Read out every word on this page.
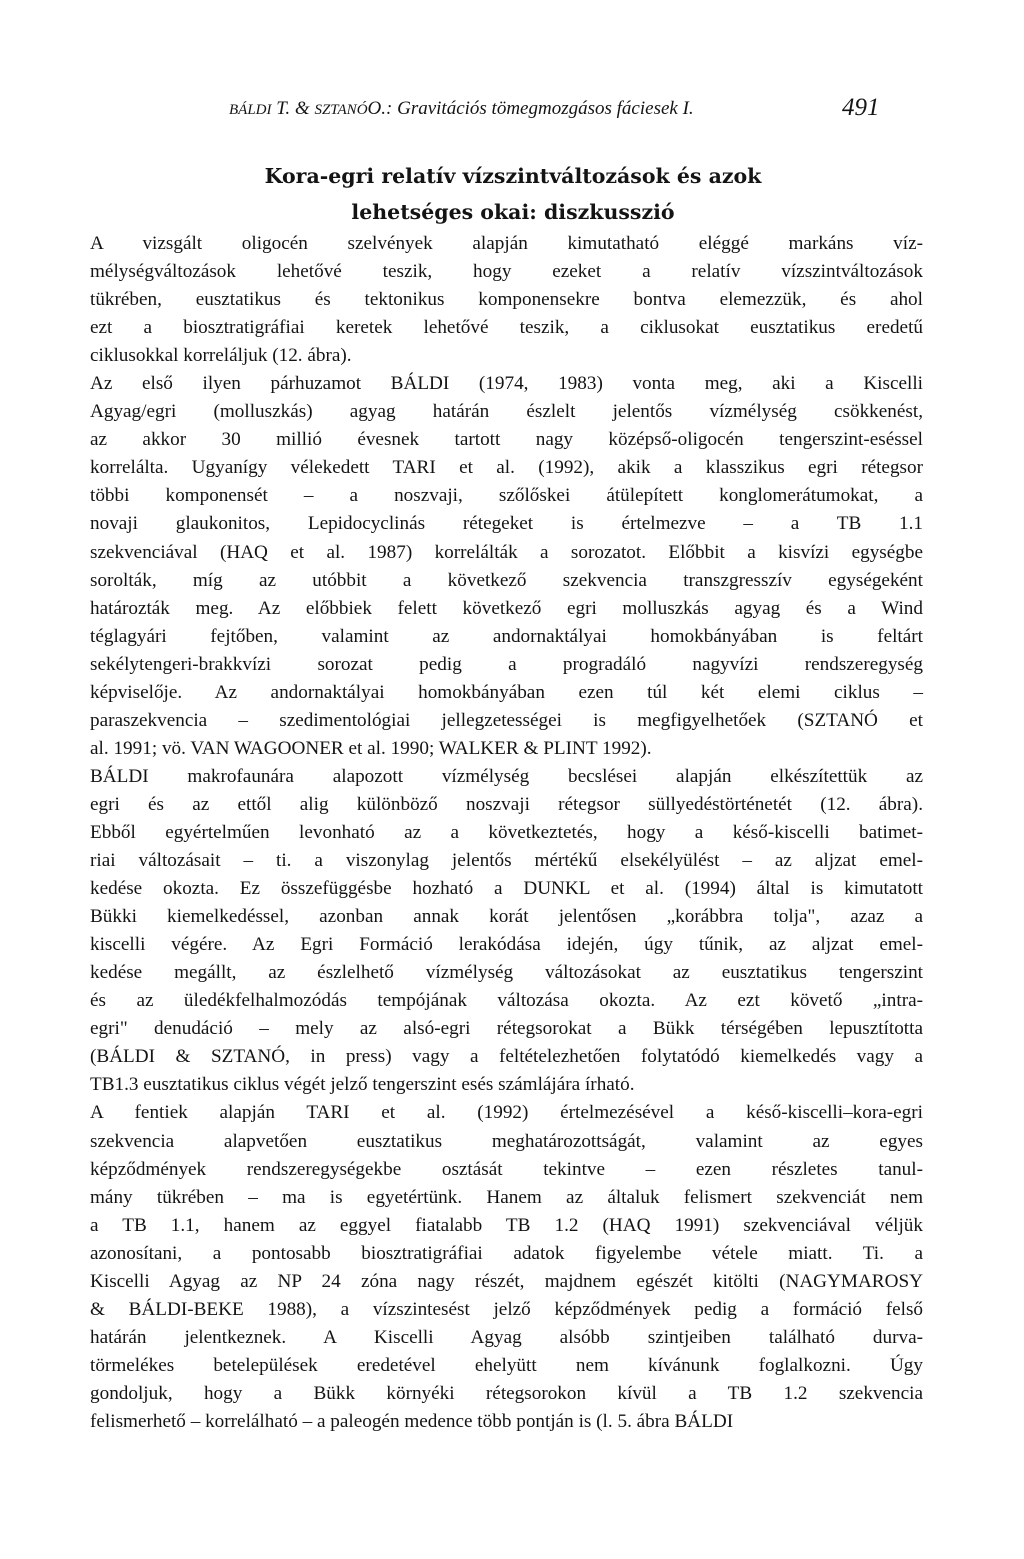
BÁLDI T. & SZTANÓO.: Gravitációs tömegmozgásos fáciesek I.	491
Kora-egri relatív vízszintváltozások és azok
lehetséges okai: diszkusszió
A vizsgált oligocén szelvények alapján kimutatható eléggé markáns víz-
mélységváltozások lehetővé teszik, hogy ezeket a relatív vízszintváltozások
tükrében, eusztatikus és tektonikus komponensekre bontva elemezzük, és ahol
ezt a biosztratigráfiai keretek lehetővé teszik, a ciklusokat eusztatikus eredetű
ciklusokkal korreláljuk (12. ábra).
Az első ilyen párhuzamot BÁLDI (1974, 1983) vonta meg, aki a Kiscelli
Agyag/egri (molluszkás) agyag határán észlelt jelentős vízmélység csökkenést,
az akkor 30 millió évesnek tartott nagy középső-oligocén tengerszint-eséssel
korrelálta. Ugyanígy vélekedett TARI et al. (1992), akik a klasszikus egri rétegsor
többi komponensét – a noszvaji, szőlőskei átülepített konglomerátumokat, a
novaji glaukonitos, Lepidocyclinás rétegeket is értelmezve – a TB 1.1
szekvenciával (HAQ et al. 1987) korrelálták a sorozatot. Előbbit a kisvízi egységbe
sorolták, míg az utóbbit a következő szekvencia transzgresszív egységeként
határozták meg. Az előbbiek felett következő egri molluszkás agyag és a Wind
téglagyári fejtőben, valamint az andornaktályai homokbányában is feltárt
sekélytengeri-brakkvízi sorozat pedig a progradáló nagyvízi rendszeregység
képviselője. Az andornaktályai homokbányában ezen túl két elemi ciklus –
paraszekvencia – szedimentológiai jellegzetességei is megfigyelhetőek (SZTANÓ et
al. 1991; vö. VAN WAGOONER et al. 1990; WALKER & PLINT 1992).
BÁLDI makrofaunára alapozott vízmélység becslései alapján elkészítettük az
egri és az ettől alig különböző noszvaji rétegsor süllyedéstörténetét (12. ábra).
Ebből egyértelműen levonható az a következtetés, hogy a késő-kiscelli batimet-
riai változásait – ti. a viszonylag jelentős mértékű elsekélyülést – az aljzat emel-
kedése okozta. Ez összefüggésbe hozható a DUNKL et al. (1994) által is kimutatott
Bükki kiemelkedéssel, azonban annak korát jelentősen „korábbra tolja", azaz a
kiscelli végére. Az Egri Formáció lerakódása idején, úgy tűnik, az aljzat emel-
kedése megállt, az észlelhető vízmélység változásokat az eusztatikus tengerszint
és az üledékfelhalmozódás tempójának változása okozta. Az ezt követő „intra-
egri" denudáció – mely az alsó-egri rétegsorokat a Bükk térségében lepusztította
(BÁLDI & SZTANÓ, in press) vagy a feltételezhetően folytatódó kiemelkedés vagy a
TB1.3 eusztatikus ciklus végét jelző tengerszint esés számlájára írható.
A fentiek alapján TARI et al. (1992) értelmezésével a késő-kiscelli–kora-egri
szekvencia alapvetően eusztatikus meghatározottságát, valamint az egyes
képződmények rendszeregységekbe osztását tekintve – ezen részletes tanul-
mány tükrében – ma is egyetértünk. Hanem az általuk felismert szekvenciát nem
a TB 1.1, hanem az eggyel fiatalabb TB 1.2 (HAQ 1991) szekvenciával véljük
azonosítani, a pontosabb biosztratigráfiai adatok figyelembe vétele miatt. Ti. a
Kiscelli Agyag az NP 24 zóna nagy részét, majdnem egészét kitölti (NAGYMAROSY
& BÁLDI-BEKE 1988), a vízszintesést jelző képződmények pedig a formáció felső
határán jelentkeznek. A Kiscelli Agyag alsóbb szintjeiben található durva-
törmelékes betelepülések eredetével ehelyütt nem kívánunk foglalkozni. Úgy
gondoljuk, hogy a Bükk környéki rétegsorokon kívül a TB 1.2 szekvencia
felismerhető – korrelálható – a paleogén medence több pontján is (l. 5. ábra BÁLDI
